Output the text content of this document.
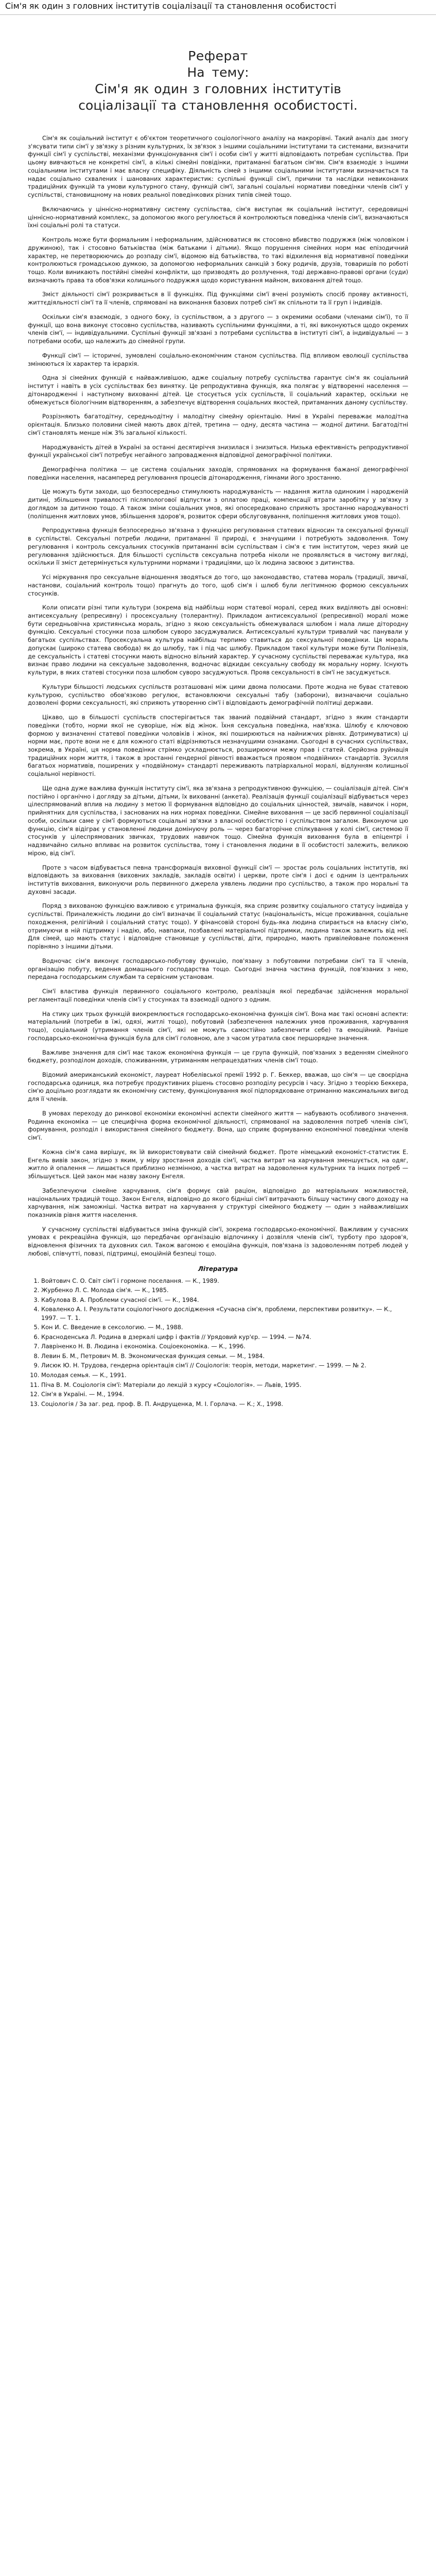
Сім'я як один з головних інститутів соціалізації та становлення особистості
Реферат
На тему:
Сім'я як один з головних інститутів
соціалізації та становлення особистості.

Сім'я як соціальний інститут є об'єктом теоретичного соціологічного аналізу на макрорівні. Такий аналіз дає змогу з'ясувати типи сім'ї у зв'язку з різним культурних, їх зв'язок з іншими соціальними інститутами та системами, визначити функції сім'ї у суспільстві, механізми функціонування сім'ї і особи сім'ї у житті відповідають потребам суспільства. При цьому вивчаються не конкретні сім'ї, а кількі сімейні повідінки, притаманні багатьом сім'ям. Сім'я взаємодіє з іншими соціальними інститутами і має власну специфіку. Діяльність сімей з іншими соціальними інститутами визначається та надає соціально схвалених і шанованих характеристик: суспільні функції сім'ї, причини та наслідки невиконаних традиційних функцій та умови культурного стану, функцій сім'ї, загальні соціальні нормативи поведінки членів сім'ї у суспільстві, становищному на нових реальної поведінкових різних типів сімей тощо.

Включаючись у ціннісно-нормативну систему суспільства, сім'я виступає як соціальний інститут, середовищні ціннісно-нормативний комплекс, за допомогою якого регулюється й контролюються поведінка членів сім'ї, визначаються їхні соціальні ролі та статуси.

Контроль може бути формальним і неформальним, здійснюватися як стосовно вбивство подружжя (між чоловіком і дружиною), так і стосовно батьківства (між батьками і дітьми). Якщо порушення сімейних норм має епізодичний характер, не перетворюючись до розпаду сім'ї, відомою від батьківства, то такі відхилення від нормативної поведінки контролюються громадською думкою, за допомогою неформальних санкцій з боку родичів, друзів, товаришів по роботі тощо. Коли виникають пости́йні сімейні конфлікти, що призводять до розлучення, тоді державно-правові органи (суди) визначають права та обов'язки колишнього подружжя щодо користування майном, виховання дітей тощо.

Зміст діяльності сім'ї розкривається в її функціях. Під функціями сім'ї вчені розуміють спосіб прояву активності, життєдіяльності сім'ї та її членів, спрямовані на виконання базових потреб сім'ї як спільноти та її груп і індивідів.

Оскільки сім'я взаємодіє, з одного боку, із суспільством, а з другого — з окремими особами (членами сім'ї), то її функції, що вона виконує стосовно суспільства, називають суспільними функціями, а ті, які виконуються щодо окремих членів сім'ї, — індивідуальними. Суспільні функції зв'язані з потребами суспільства в інституті сім'ї, а індивідуальні — з потребами особи, що належить до сімейної групи.

Функції сім'ї — історичні, зумовлені соціально-економічним станом суспільства. Під впливом еволюції суспільства змінюються їх характер та ієрархія.

Одна зі сімейних функцій є найважливішою, адже соціальну потребу суспільства гарантує сім'я як соціальний інститут і навіть в усіх суспільствах без винятку. Це репродуктивна функція, яка полягає у відтворенні населення — дітонародженні і наступному вихованні дітей. Це стосується усіх суспільств, її соціальний характер, оскільки не обмежується біологічним відтворенням, а забезпечує відтворення соціальних якостей, притаманних даному суспільству.

Розрізняють багатодітну, середньодітну і малодітну сімейну орієнтацію. Нині в Україні переважає малодітна орієнтація. Близько половини сімей мають двох дітей, третина — одну, десята частина — жодної дитини. Багатодітні сім'ї становлять менше ніж 3% загальної кількості.

Народжуваність дітей в Україні за останні десятиріччя знизилася і знизиться. Низька ефективність репродуктивної функції української сім'ї потребує негайного запровадження відповідної демографічної політики.

Демографічна політика — це система соціальних заходів, спрямованих на формування бажаної демографічної поведінки населення, насамперед регулювання процесів дітонародження, гімнами його зростанню.

Це можуть бути заходи, що безпосередньо стимулюють народжуваність — надання житла одиноким і народженій дитині, збільшення тривалості післяпологової відпустки з оплатою праці, компенсації втрати заробітку у зв'язку з доглядом за дитиною тощо. А також зміни соціальних умов, які опосередковано сприяють зростанню народжуваності (поліпшення житлових умов, збільшення здоров'я, розвиток сфери обслуговування, поліпшення житлових умов тощо).

Репродуктивна функція безпосередньо зв'язана з функцією регулювання статевих відносин та сексуальної функції в суспільстві. Сексуальні потреби людини, притаманні її природі, є значущими і потребують задоволення. Тому регулювання і контроль сексуальних стосунків притаманні всім суспільствам і сім'я є тим інститутом, через який це регулювання здійснюється. Для більшості суспільств сексуальна потреба ніколи не проявляється в чистому вигляді, оскільки її зміст детермінується культурними нормами і традиціями, що їх людина засвоює з дитинства.

Усі міркування про сексуальне відношення зводяться до того, що законодавство, статева мораль (традиції, звичаї, настанови, соціальний контроль тощо) прагнуть до того, щоб сім'я і шлюб були легітимною формою сексуальних стосунків.

Коли описати різні типи культури (зокрема від найбільш норм статевої моралі, серед яких виділяють дві основні: антисексуальну (репресивну) і просексуальну (толерантну). Прикладом антисексуальної (репресивної) моралі може бути середньовічна християнська мораль, згідно з якою сексуальність обмежувалася шлюбом і мала лише дітородну функцію. Сексуальні стосунки поза шлюбом суворо засуджувалися. Антисексуальні культури тривалий час панували у багатьох суспільствах. Просексуальна культура найбільш терпимо ставиться до сексуальної поведінки. Ця мораль допускає (широко статева свобода) як до шлюбу, так і під час шлюбу. Прикладом такої культури може бути Полінезія, де сексуальність і статеві стосунки мають відносно вільний характер. У сучасному суспільстві переважає культура, яка визнає право людини на сексуальне задоволення, водночас відкидає сексуальну свободу як моральну норму. Існують культури, в яких статеві стосунки поза шлюбом суворо засуджуються. Прояв сексуальності в сім'ї не засуджується.

Культури більшості людських суспільств розташовані між цими двома полюсами. Проте жодна не буває статевою культурою, суспільство обов'язково регулює, встановлюючи сексуальні табу (заборони), визначаючи соціально дозволені форми сексуальності, які сприяють утворенню сім'ї і відповідають демографічній політиці держави.

Цікаво, що в більшості суспільств спостерігається так званий подвійний стандарт, згідно з яким стандарти поведінки (тобто, норми якої не суворіше, ніж від жінок. Їхня сексуальна поведінка, нав'язка. Шлюбу є ключовою формою у визначенні статевої поведінки чоловіків і жінок, які поширюються на найнижчих рівнях. Дотримуватися) ці норми має, проте вони не є для кожного статі відрізняються незначущими ознаками. Сьогодні в сучасних суспільствах, зокрема, в Україні, ця норма поведінки стрімко ускладнюється, розширюючи межу прав і статей. Серйозна руйнація традиційних норм життя, і також в зростанні гендерної рівності вважається проявом «подвійних» стандартів. Зусилля багатьох нормативів, поширених у «подвійному» стандарті переживають патріархальної моралі, відлунням колишньої соціальної нерівності.

Ще одна дуже важлива функція інституту сім'ї, яка зв'язана з репродуктивною функцією, — соціалізація дітей. Сім'я постійно і органічно і догляду за дітьми, дітьми, їх вихованні (анкета). Реалізація функції соціалізації відбувається через цілеспрямований вплив на людину з метою її формування відповідно до соціальних цінностей, звичаїв, навичок і норм, прийнятних для суспільства, і заснованих на них нормах поведінки. Сімейне виховання — це засіб первинної соціалізації особи, оскільки саме у сім'ї формуються соціальні зв'язки з власної особистістю і суспільством загалом. Виконуючи цю функцію, сім'я відіграє у становленні людини домінуючу роль — через багаторічне спілкування у колі сім'ї, системою її стосунків у цілеспрямованих звичках, трудових навичок тощо. Сімейна функція виховання була в епіцентрі і надзвичайно сильно впливає на розвиток суспільства, тому і становлення людини в її особистості залежить, великою мірою, від сім'ї.

Проте з часом відбувається певна трансформація виховної функції сім'ї — зростає роль соціальних інститутів, які відповідають за виховання (виховних закладів, закладів освіти) і церкви, проте сім'я і досі є одним із центральних інститутів виховання, виконуючи роль первинного джерела уявлень людини про суспільство, а також про моральні та духовні засади.

Поряд з вихованою функцією важливою є утримальна функція, яка сприяє розвитку соціального статусу індивіда у суспільстві. Приналежність людини до сім'ї визначає її соціальний статус (національність, місце проживання, соціальне походження, релігійний і соціальний статус тощо). У фінансовій стороні будь-яка людина спирається на власну сім'ю, отримуючи в ній підтримку і надію, або, навпаки, позбавлені матеріальної підтримки, людина також залежить від неї. Для сімей, що мають статус і відповідне становище у суспільстві, діти, природно, мають привілейоване положення порівняно з іншими дітьми.

Водночас сім'я виконує господарсько-побутову функцію, пов'язану з побутовими потребами сім'ї та її членів, організацію побуту, ведення домашнього господарства тощо. Сьогодні значна частина функцій, пов'язаних з нею, передана господарським службам та сервісним установам.

Сім'ї властива функція первинного соціального контролю, реалізація якої передбачає здійснення моральної регламентації поведінки членів сім'ї у стосунках та взаємодії одного з одним.

На стику цих трьох функцій виокремлюється господарсько-економічна функція сім'ї. Вона має такі основні аспекти: матеріальний (потреби в їжі, одязі, житлі тощо), побутовий (забезпечення належних умов проживання, харчування тощо), соціальний (утримання членів сім'ї, які не можуть самостійно забезпечити себе) та емоційний. Раніше господарсько-економічна функція була для сім'ї головною, але з часом утратила своє першорядне значення.

Важливе значення для сім'ї має також економічна функція — це група функцій, пов'язаних з веденням сімейного бюджету, розподілом доходів, споживанням, утриманням непрацездатних членів сім'ї тощо.

Відомий американський економіст, лауреат Нобелівської премії 1992 р. Г. Беккер, вважав, що сім'я — це своєрідна господарська одиниця, яка потребує продуктивних рішень стосовно розподілу ресурсів і часу. Згідно з теорією Беккера, сім'ю доцільно розглядати як економічну систему, функціонування якої підпорядковане отриманню максимальних вигод для її членів.

В умовах переходу до ринкової економіки економічні аспекти сімейного життя — набувають особливого значення. Родинна економіка — це специфічна форма економічної діяльності, спрямованої на задоволення потреб членів сім'ї, формування, розподіл і використання сімейного бюджету. Вона, що сприяє формуванню економічної поведінки членів сім'ї.

Кожна сім'я сама вирішує, як їй використовувати свій сімейний бюджет. Проте німецький економіст-статистик Е. Енгель вивів закон, згідно з яким, у міру зростання доходів сім'ї, частка витрат на харчування зменшується, на одяг, житло й опалення — лишається приблизно незмінною, а частка витрат на задоволення культурних та інших потреб — збільшується. Цей закон має назву закону Енгеля.

Забезпечуючи сімейне харчування, сім'я формує свій раціон, відповідно до матеріальних можливостей, національних традицій тощо. Закон Енгеля, відповідно до якого бідніші сім'ї витрачають більшу частину свого доходу на харчування, ніж заможніші. Частка витрат на харчування у структурі сімейного бюджету — один з найважливіших показників рівня життя населення.

У сучасному суспільстві відбувається зміна функцій сім'ї, зокрема господарсько-економічної. Важливим у сучасних умовах є рекреаційна функція, що передбачає організацію відпочинку і дозвілля членів сім'ї, турботу про здоров'я, відновлення фізичних та духовних сил. Також вагомою є емоційна функція, пов'язана із задоволенням потреб людей у любові, співчутті, повазі, підтримці, емоційній безпеці тощо.

Література
1. Войтович С. О. Світ сім'ї і гормоне поселання. — К., 1989.
2. Журбенко Л. С. Молода сім'я. — К., 1985.
3. Кабулова В. А. Проблеми сучасної сім'ї. — К., 1984.
4. Коваленко А. І. Результати соціологічного дослідження «Сучасна сім'я, проблеми, перспективи розвитку». — К., 1997. — Т. 1.
5. Кон И. С. Введение в сексологию. — М., 1988.
6. Красноденська Л. Родина в дзеркалі цифр і фактів // Урядовий кур'єр. — 1994. — №74.
7. Лавріненко Н. В. Людина і економіка. Соціоекономіка. — К., 1996.
8. Левин Б. М., Петрович М. В. Экономическая функция семьи. — М., 1984.
9. Лисюк Ю. Н. Трудова, гендерна орієнтація сім'ї // Соціологія: теорія, методи, маркетинг. — 1999. — № 2.
10. Молодая семья. — К., 1991.
11. Піча В. М. Соціологія сім'ї: Матеріали до лекцій з курсу «Соціологія». — Львів, 1995.
12. Сім'я в Україні. — М., 1994.
13. Соціологія / За заг. ред. проф. В. П. Андрущенка, М. І. Горлача. — К.; Х., 1998.
